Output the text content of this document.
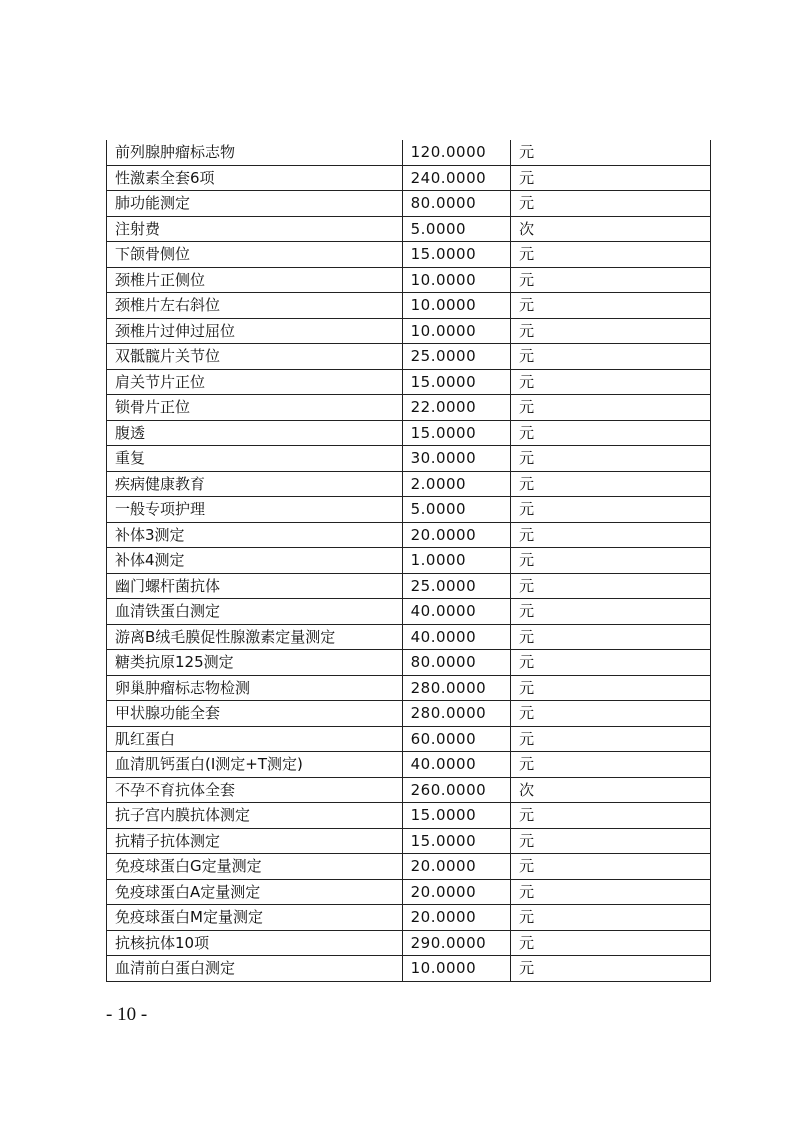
前列腺肿瘤标志物	120.0000	元
性激素全套6项	240.0000	元
肺功能测定	80.0000	元
注射费	5.0000	次
下颌骨侧位	15.0000	元
颈椎片正侧位	10.0000	元
颈椎片左右斜位	10.0000	元
颈椎片过伸过屈位	10.0000	元
双骶髋片关节位	25.0000	元
肩关节片正位	15.0000	元
锁骨片正位	22.0000	元
腹透	15.0000	元
重复	30.0000	元
疾病健康教育	2.0000	元
一般专项护理	5.0000	元
补体3测定	20.0000	元
补体4测定	1.0000	元
幽门螺杆菌抗体	25.0000	元
血清铁蛋白测定	40.0000	元
游离B绒毛膜促性腺激素定量测定	40.0000	元
糖类抗原125测定	80.0000	元
卵巢肿瘤标志物检测	280.0000	元
甲状腺功能全套	280.0000	元
肌红蛋白	60.0000	元
血清肌钙蛋白(I测定+T测定)	40.0000	元
不孕不育抗体全套	260.0000	次
抗子宫内膜抗体测定	15.0000	元
抗精子抗体测定	15.0000	元
免疫球蛋白G定量测定	20.0000	元
免疫球蛋白A定量测定	20.0000	元
免疫球蛋白M定量测定	20.0000	元
抗核抗体10项	290.0000	元
血清前白蛋白测定	10.0000	元
- 10 -
